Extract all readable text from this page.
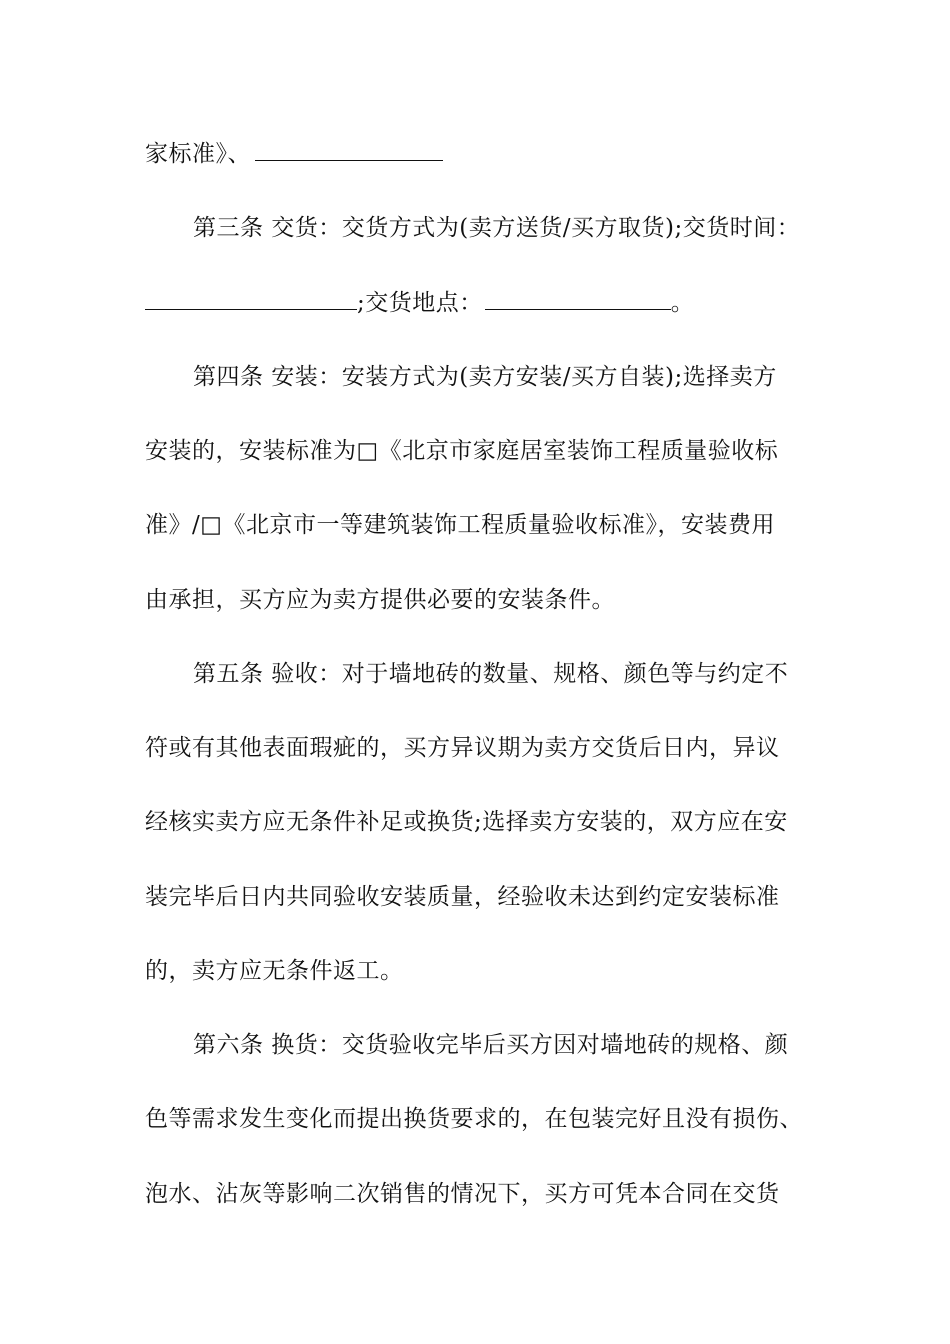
家标准》、
第三条 交货：交货方式为(卖方送货/买方取货);交货时间：
;交货地点：	。
第四条 安装：安装方式为(卖方安装/买方自装);选择卖方
安装的，安装标准为□《北京市家庭居室装饰工程质量验收标
准》/□《北京市一等建筑装饰工程质量验收标准》，安装费用
由承担，买方应为卖方提供必要的安装条件。
第五条 验收：对于墙地砖的数量、规格、颜色等与约定不
符或有其他表面瑕疵的，买方异议期为卖方交货后日内，异议
经核实卖方应无条件补足或换货;选择卖方安装的，双方应在安
装完毕后日内共同验收安装质量，经验收未达到约定安装标准
的，卖方应无条件返工。
第六条 换货：交货验收完毕后买方因对墙地砖的规格、颜
色等需求发生变化而提出换货要求的，在包装完好且没有损伤、
泡水、沾灰等影响二次销售的情况下，买方可凭本合同在交货
